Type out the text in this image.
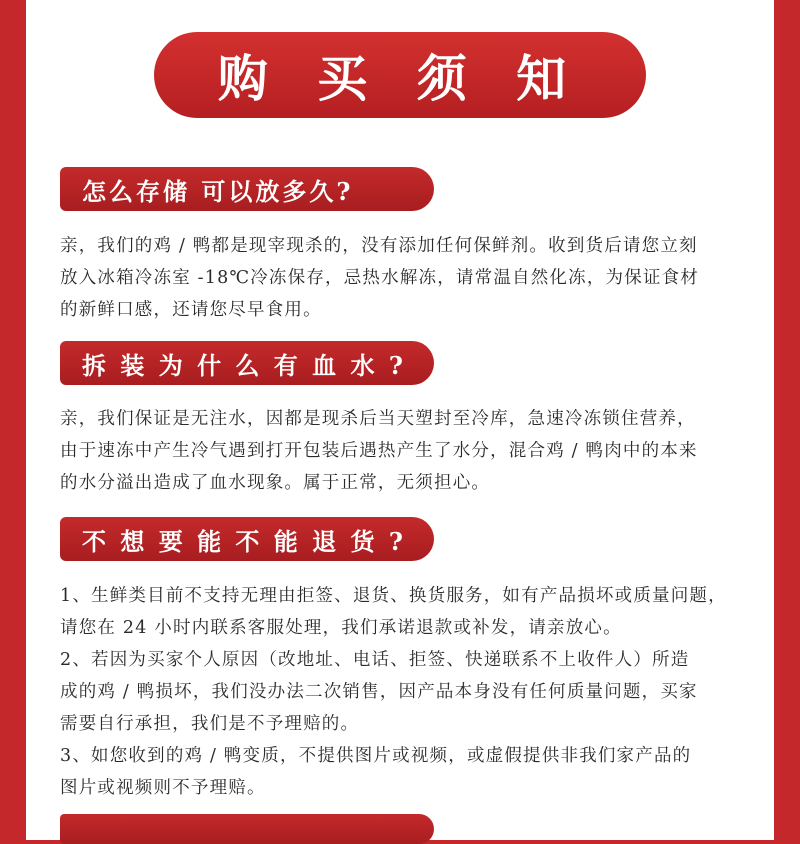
购 买 须 知
怎么存储 可以放多久?

亲，我们的鸡 / 鸭都是现宰现杀的，没有添加任何保鲜剂。收到货后请您立刻

放入冰箱冷冻室 -18℃冷冻保存，忌热水解冻，请常温自然化冻，为保证食材

的新鲜口感，还请您尽早食用。

拆 装 为 什 么 有 血 水 ?

亲，我们保证是无注水，因都是现杀后当天塑封至冷库，急速冷冻锁住营养，

由于速冻中产生冷气遇到打开包装后遇热产生了水分，混合鸡 / 鸭肉中的本来

的水分溢出造成了血水现象。属于正常，无须担心。

不 想 要 能 不 能 退 货 ?

1、生鲜类目前不支持无理由拒签、退货、换货服务，如有产品损坏或质量问题，

请您在 24 小时内联系客服处理，我们承诺退款或补发，请亲放心。

2、若因为买家个人原因（改地址、电话、拒签、快递联系不上收件人）所造

成的鸡 / 鸭损坏，我们没办法二次销售，因产品本身没有任何质量问题，买家

需要自行承担，我们是不予理赔的。

3、如您收到的鸡 / 鸭变质，不提供图片或视频，或虚假提供非我们家产品的

图片或视频则不予理赔。
